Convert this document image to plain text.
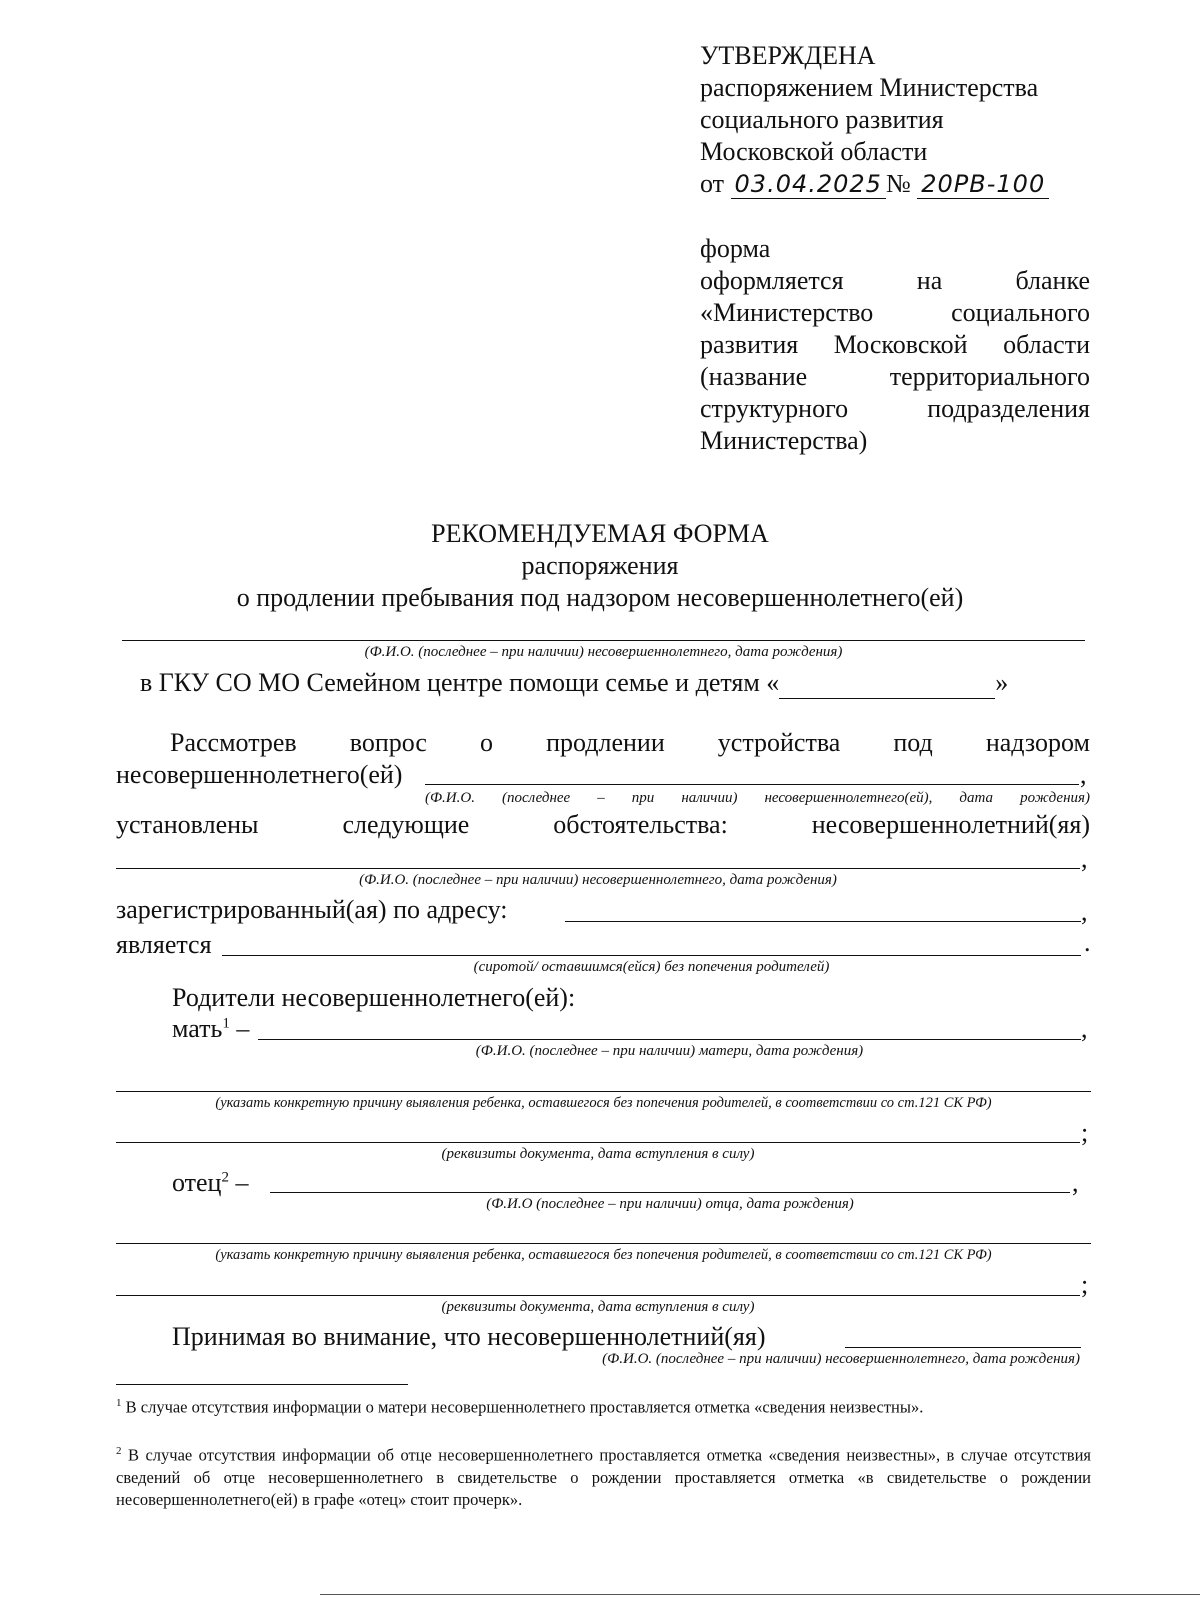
УТВЕРЖДЕНА
распоряжением Министерства
социального развития
Московской области
от 03.04.2025 № 20РВ-100
форма
оформляется на бланке «Министерство социального развития Московской области (название территориального структурного подразделения Министерства)
РЕКОМЕНДУЕМАЯ ФОРМА
распоряжения
о продлении пребывания под надзором несовершеннолетнего(ей)
(Ф.И.О. (последнее – при наличии) несовершеннолетнего, дата рождения)
в ГКУ СО МО Семейном центре помощи семье и детям «	»
Рассмотрев вопрос о продлении устройства под надзором
несовершеннолетнего(ей)	,
(Ф.И.О. (последнее – при наличии) несовершеннолетнего(ей), дата рождения)
установлены	следующие	обстоятельства:	несовершеннолетний(яя)
,
(Ф.И.О. (последнее – при наличии) несовершеннолетнего, дата рождения)
зарегистрированный(ая) по адресу:	,
является	.
(сиротой/ оставшимся(ейся) без попечения родителей)
Родители несовершеннолетнего(ей):
мать$^1$ –	,
(Ф.И.О. (последнее – при наличии) матери, дата рождения)
(указать конкретную причину выявления ребенка, оставшегося без попечения родителей, в соответствии со ст.121 СК РФ)
;
(реквизиты документа, дата вступления в силу)
отец$^2$ –	,
(Ф.И.О (последнее – при наличии) отца, дата рождения)
(указать конкретную причину выявления ребенка, оставшегося без попечения родителей, в соответствии со ст.121 СК РФ)
;
(реквизиты документа, дата вступления в силу)
Принимая во внимание, что несовершеннолетний(яя)
(Ф.И.О. (последнее – при наличии) несовершеннолетнего, дата рождения)
$^1$ В случае отсутствия информации о матери несовершеннолетнего проставляется отметка «сведения неизвестны».
$^2$ В случае отсутствия информации об отце несовершеннолетнего проставляется отметка «сведения неизвестны», в случае отсутствия сведений об отце несовершеннолетнего в свидетельстве о рождении проставляется отметка «в свидетельстве о рождении несовершеннолетнего(ей) в графе «отец» стоит прочерк».
